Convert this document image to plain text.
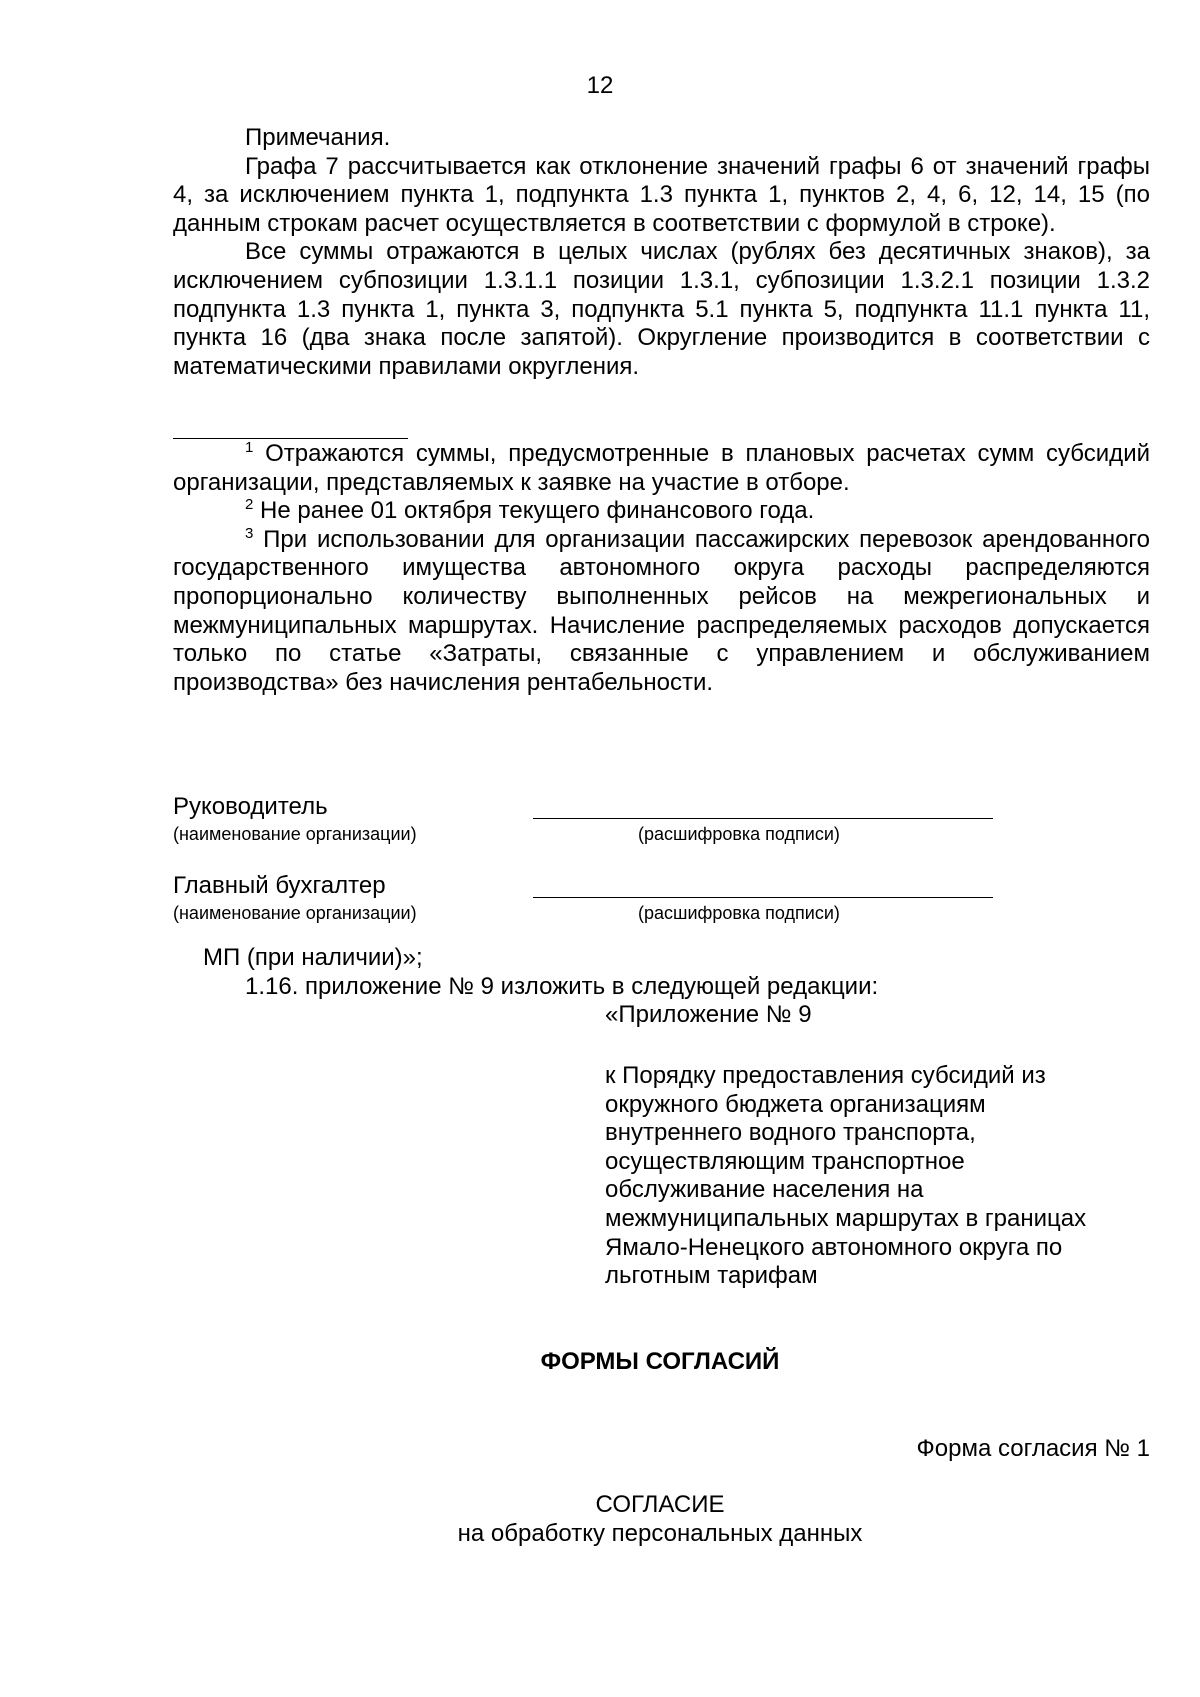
12

Примечания.

Графа 7 рассчитывается как отклонение значений графы 6 от значений графы 4, за исключением пункта 1, подпункта 1.3 пункта 1, пунктов 2, 4, 6, 12, 14, 15 (по данным строкам расчет осуществляется в соответствии с формулой в строке).

Все суммы отражаются в целых числах (рублях без десятичных знаков), за исключением субпозиции 1.3.1.1 позиции 1.3.1, субпозиции 1.3.2.1 позиции 1.3.2 подпункта 1.3 пункта 1, пункта 3, подпункта 5.1 пункта 5, подпункта 11.1 пункта 11, пункта 16 (два знака после запятой). Округление производится в соответствии с математическими правилами округления.

$^1$ Отражаются суммы, предусмотренные в плановых расчетах сумм субсидий организации, представляемых к заявке на участие в отборе.

$^2$ Не ранее 01 октября текущего финансового года.

$^3$ При использовании для организации пассажирских перевозок арендованного государственного имущества автономного округа расходы распределяются пропорционально количеству выполненных рейсов на межрегиональных и межмуниципальных маршрутах. Начисление распределяемых расходов допускается только по статье «Затраты, связанные с управлением и обслуживанием производства» без начисления рентабельности.

Руководитель
(наименование организации)	(расшифровка подписи)
Главный бухгалтер
(наименование организации)	(расшифровка подписи)
МП (при наличии)»;
1.16. приложение № 9 изложить в следующей редакции:
«Приложение № 9

к Порядку предоставления субсидий из
окружного бюджета организациям
внутреннего водного транспорта,
осуществляющим транспортное
обслуживание населения на
межмуниципальных маршрутах в границах
Ямало-Ненецкого автономного округа по
льготным тарифам

ФОРМЫ СОГЛАСИЙ
Форма согласия № 1
СОГЛАСИЕ
на обработку персональных данных
